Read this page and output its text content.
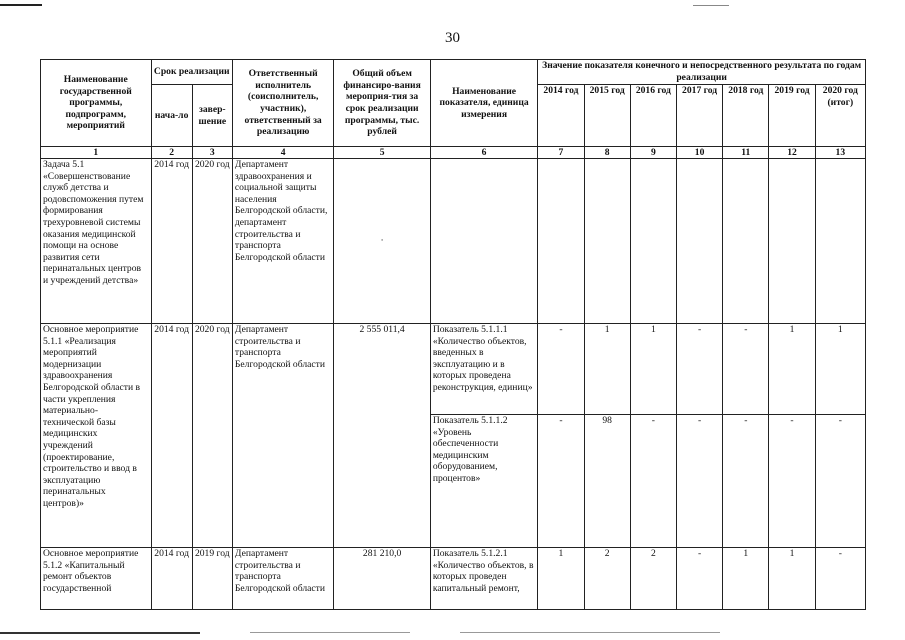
30
Наименование государственной программы, подпрограмм, мероприятий	Срок реализации		Ответственный исполнитель (соисполнитель, участник), ответственный за реализацию	Общий объем финансиро-вания мероприя-тия за срок реализации программы, тыс. рублей	Наименование показателя, единица измерения	Значение показателя конечного и непосредственного результата по годам реализации						
	нача-ло	завер-шение				2014 год	2015 год	2016 год	2017 год	2018 год	2019 год	2020 год (итог)
1	2	3	4	5	6	7	8	9	10	11	12	13
Задача 5.1 «Совершенствование служб детства и родовспоможения путем формирования трехуровневой системы оказания медицинской помощи на основе развития сети перинатальных центров и учреждений детства»	2014 год	2020 год	Департамент здравоохранения и социальной защиты населения Белгородской области, департамент строительства и транспорта Белгородской области	·								
Основное мероприятие 5.1.1 «Реализация мероприятий модернизации здравоохранения Белгородской области в части укрепления материально-технической базы медицинских учреждений (проектирование, строительство и ввод в эксплуатацию перинатальных центров)»	2014 год	2020 год	Департамент строительства и транспорта Белгородской области	2 555 011,4	Показатель 5.1.1.1 «Количество объектов, введенных в эксплуатацию и в которых проведена реконструкция, единиц»	-	1	1	-	-	1	1
					Показатель 5.1.1.2 «Уровень обеспеченности медицинским оборудованием, процентов»	-	98	-	-	-	-	-
Основное мероприятие 5.1.2 «Капитальный ремонт объектов государственной	2014 год	2019 год	Департамент строительства и транспорта Белгородской области	281 210,0	Показатель 5.1.2.1 «Количество объектов, в которых проведен капитальный ремонт,	1	2	2	-	1	1	-
